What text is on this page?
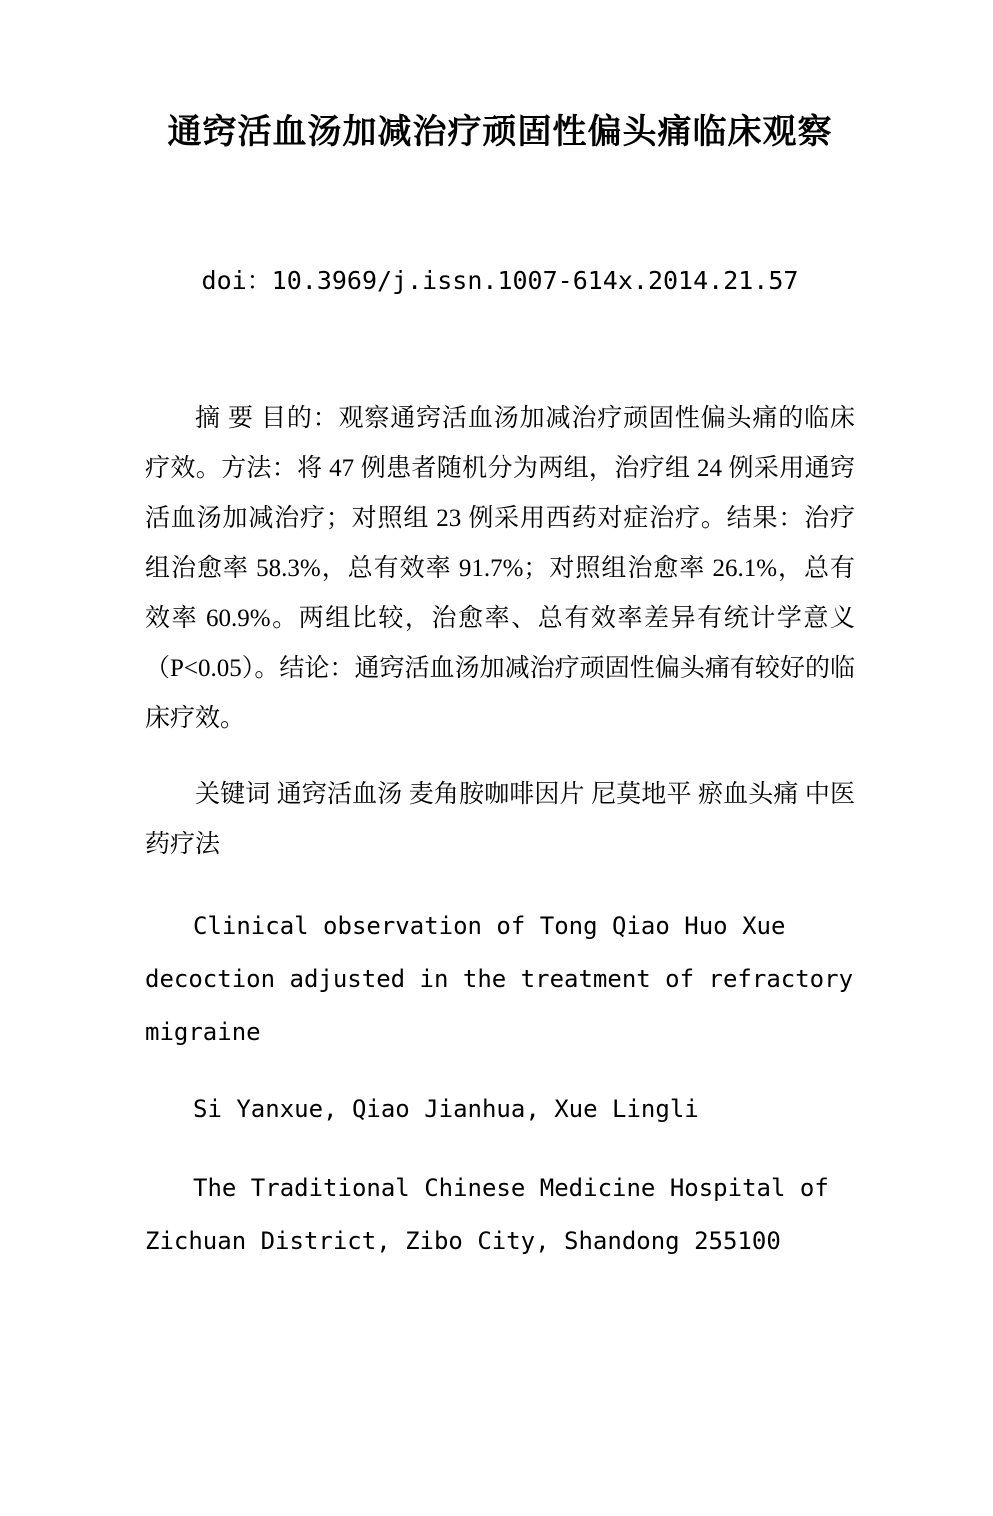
通窍活血汤加减治疗顽固性偏头痛临床观察

doi：10.3969/j.issn.1007-614x.2014.21.57

摘 要 目的：观察通窍活血汤加减治疗顽固性偏头痛的临床疗效。方法：将 47 例患者随机分为两组，治疗组 24 例采用通窍活血汤加减治疗；对照组 23 例采用西药对症治疗。结果：治疗组治愈率 58.3%，总有效率 91.7%；对照组治愈率 26.1%，总有效率 60.9%。两组比较，治愈率、总有效率差异有统计学意义（P<0.05）。结论：通窍活血汤加减治疗顽固性偏头痛有较好的临床疗效。

关键词 通窍活血汤 麦角胺咖啡因片 尼莫地平 瘀血头痛 中医药疗法

Clinical observation of Tong Qiao Huo Xue decoction adjusted in the treatment of refractory migraine

Si Yanxue, Qiao Jianhua, Xue Lingli

The Traditional Chinese Medicine Hospital of Zichuan District, Zibo City, Shandong 255100
